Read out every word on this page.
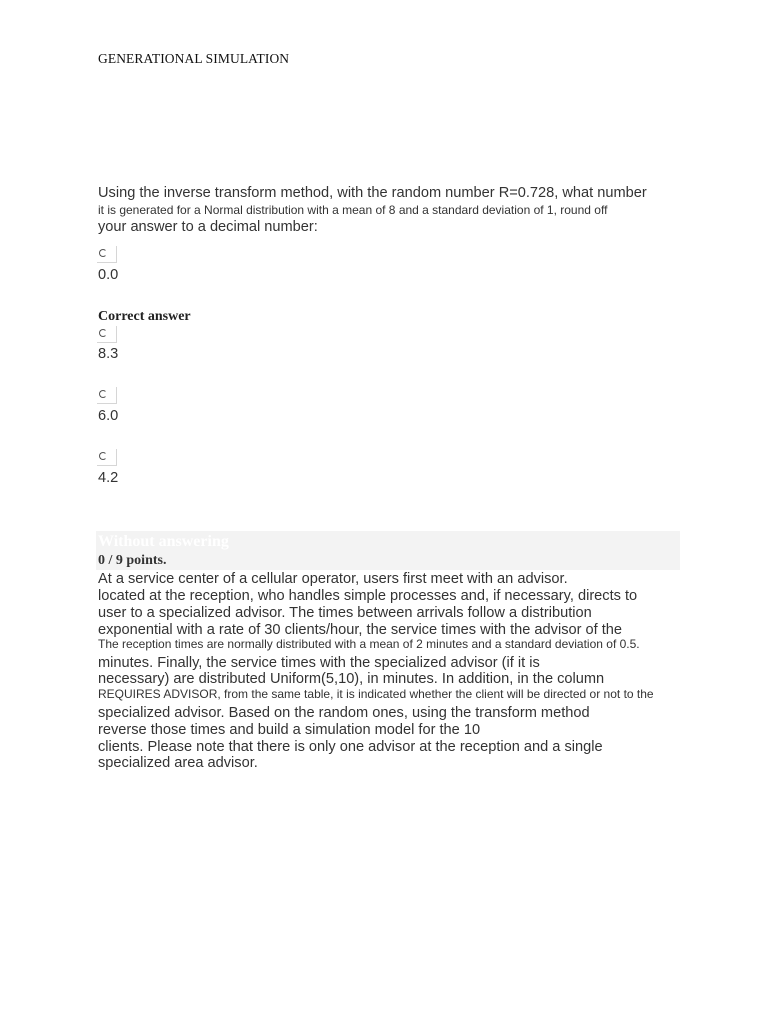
GENERATIONAL SIMULATION
Using the inverse transform method, with the random number R=0.728, what number
it is generated for a Normal distribution with a mean of 8 and a standard deviation of 1, round off
your answer to a decimal number:
0.0
Correct answer
8.3
6.0
4.2
Without answering
0 / 9 points.
At a service center of a cellular operator, users first meet with an advisor.
located at the reception, who handles simple processes and, if necessary, directs to
user to a specialized advisor. The times between arrivals follow a distribution
exponential with a rate of 30 clients/hour, the service times with the advisor of the
The reception times are normally distributed with a mean of 2 minutes and a standard deviation of 0.5.
minutes. Finally, the service times with the specialized advisor (if it is
necessary) are distributed Uniform(5,10), in minutes. In addition, in the column
REQUIRES ADVISOR, from the same table, it is indicated whether the client will be directed or not to the
specialized advisor. Based on the random ones, using the transform method
reverse those times and build a simulation model for the 10
clients. Please note that there is only one advisor at the reception and a single
specialized area advisor.
